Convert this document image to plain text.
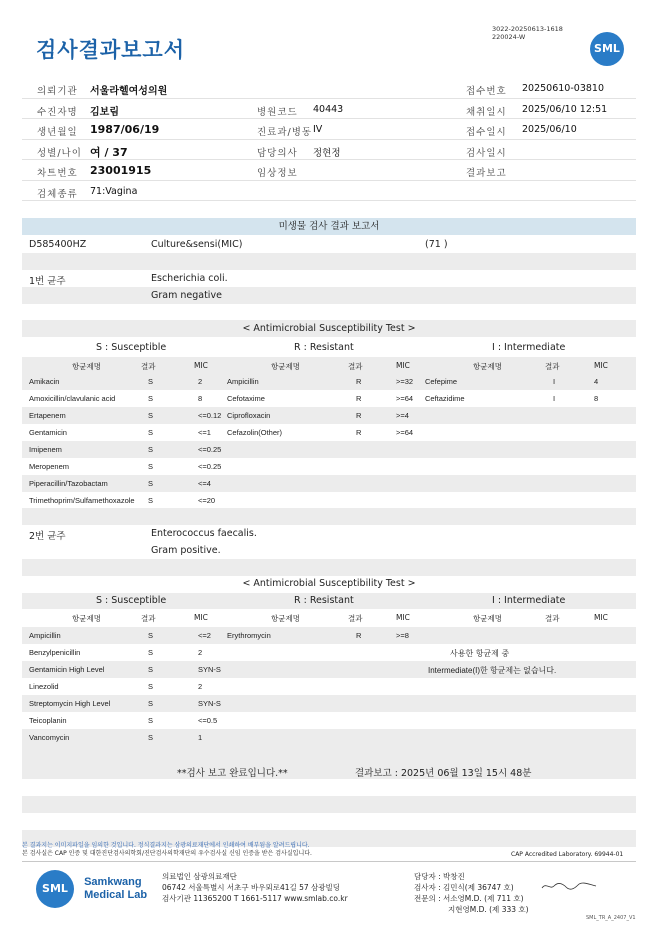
검사결과보고서
3022-20250613-1618
220024-W
SML
의뢰기관 서울라헬여성의원	접수번호 20250610-03810
수진자명 김보림	병원코드 40443	채취일시 2025/06/10 12:51
생년월일 1987/06/19	진료과/병동 IV	접수일시 2025/06/10
성별/나이 여 / 37	담당의사 정현정	검사일시
차트번호 23001915	임상정보	결과보고
검체종류 71:Vagina
미생물 검사 결과 보고서
D585400HZ	Culture&sensi(MIC)	(71 )
1번 균주	Escherichia coli.
Gram negative
< Antimicrobial Susceptibility Test >
S : Susceptible	R : Resistant	I : Intermediate
항균제명	결과	MIC	항균제명	결과	MIC	항균제명	결과	MIC
Amikacin	S	2	Ampicillin	R	>=32 Cefepime	I	4
Amoxicillin/clavulanic acid	S	8	Cefotaxime	R	>=64 Ceftazidime	I	8
Ertapenem	S	<=0.12 Ciprofloxacin	R	>=4
Gentamicin	S	<=1 Cefazolin(Other)	R	>=64
Imipenem	S	<=0.25
Meropenem	S	<=0.25
Piperacillin/Tazobactam	S	<=4
Trimethoprim/Sulfamethoxazole S	<=20
2번 균주	Enterococcus faecalis.
Gram positive.
< Antimicrobial Susceptibility Test >
S : Susceptible	R : Resistant	I : Intermediate
항균제명	결과	MIC	항균제명	결과	MIC	항균제명	결과	MIC
Ampicillin	S	<=2 Erythromycin	R	>=8
Benzylpenicillin	S	2
Gentamicin High Level	S	SYN-S
Linezolid	S	2
Streptomycin High Level	S	SYN-S
Teicoplanin	S	<=0.5
Vancomycin	S	1
사용한 항균제 중
Intermediate(I)한 항균제는 없습니다.
**검사 보고 완료입니다.**	결과보고 : 2025년 06월 13일 15시 48분
본 결과지는 이미지파일을 임의한 것입니다. 정식결과지는 삼광의료재단에서 인쇄하여 배부됨을 알려드립니다.
본 검사실은 CAP 인증 및 대한진단검사의학회/진단검사의학재단의 우수검사실 신임 인증을 받은 검사실입니다.	CAP Accredited Laboratory. 69944-01
SML Samkwang
Medical Lab
의료법인 삼광의료재단
06742 서울특별시 서초구 바우뫼로41길 57 삼광빌딩
검사기관 11365200 T 1661-5117 www.smlab.co.kr
담당자 : 박창진
검사자 : 김민식(제 36747 호)
전문의 : 서소영M.D. (제 711 호)
지현영M.D. (제 333 호)
SML_TR_A_2407_V1
